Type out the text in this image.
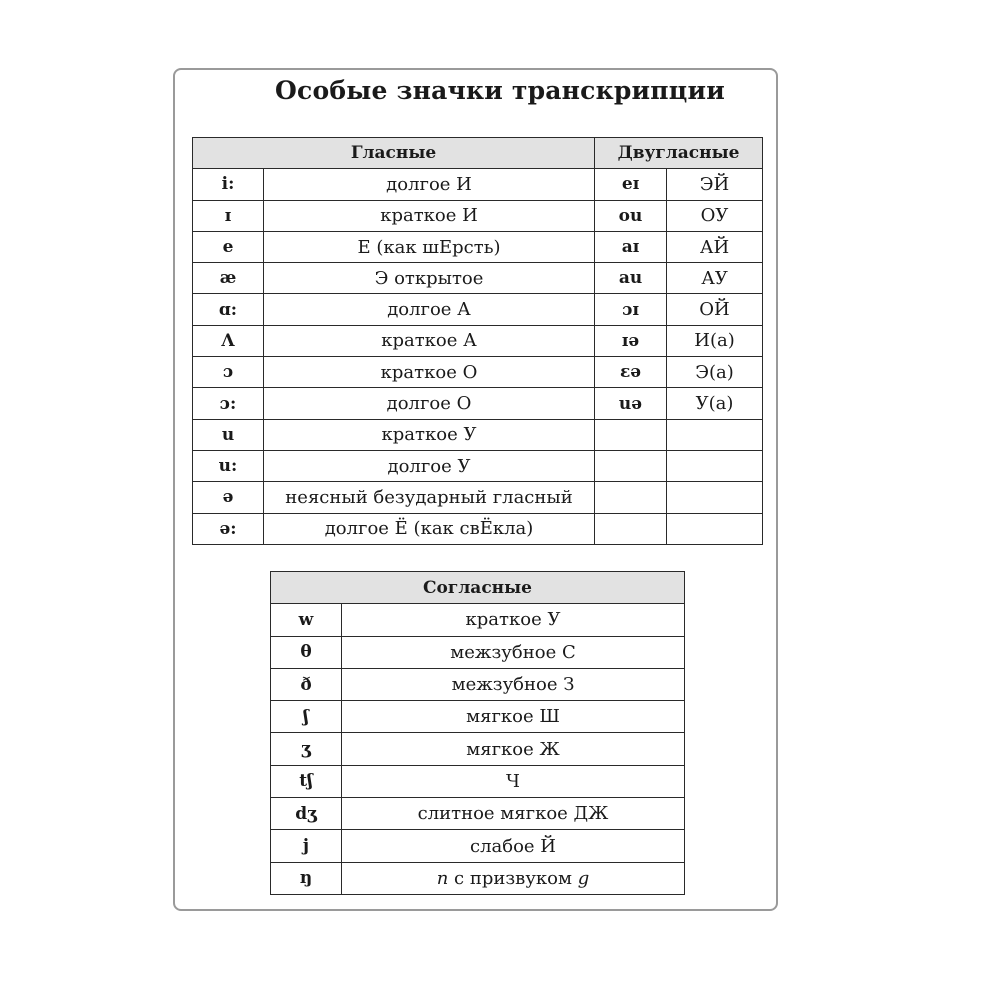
Особые значки транскрипции
Гласные		Двугласные	
i:	долгое И	eɪ	ЭЙ
ɪ	краткое И	ou	ОУ
e	Е (как шЕрсть)	aɪ	АЙ
æ	Э открытое	au	АУ
ɑ:	долгое А	ɔɪ	ОЙ
Λ	краткое А	ɪə	И(а)
ɔ	краткое О	ɛə	Э(а)
ɔ:	долгое О	uə	У(а)
u	краткое У		
u:	долгое У		
ə	неясный безударный гласный		
ə:	долгое Ё (как свЁкла)		
Согласные	
w	краткое У
θ	межзубное С
ð	межзубное З
ʃ	мягкое Ш
ʒ	мягкое Ж
tʃ	Ч
dʒ	слитное мягкое ДЖ
j	слабое Й
ŋ	n с призвуком g
